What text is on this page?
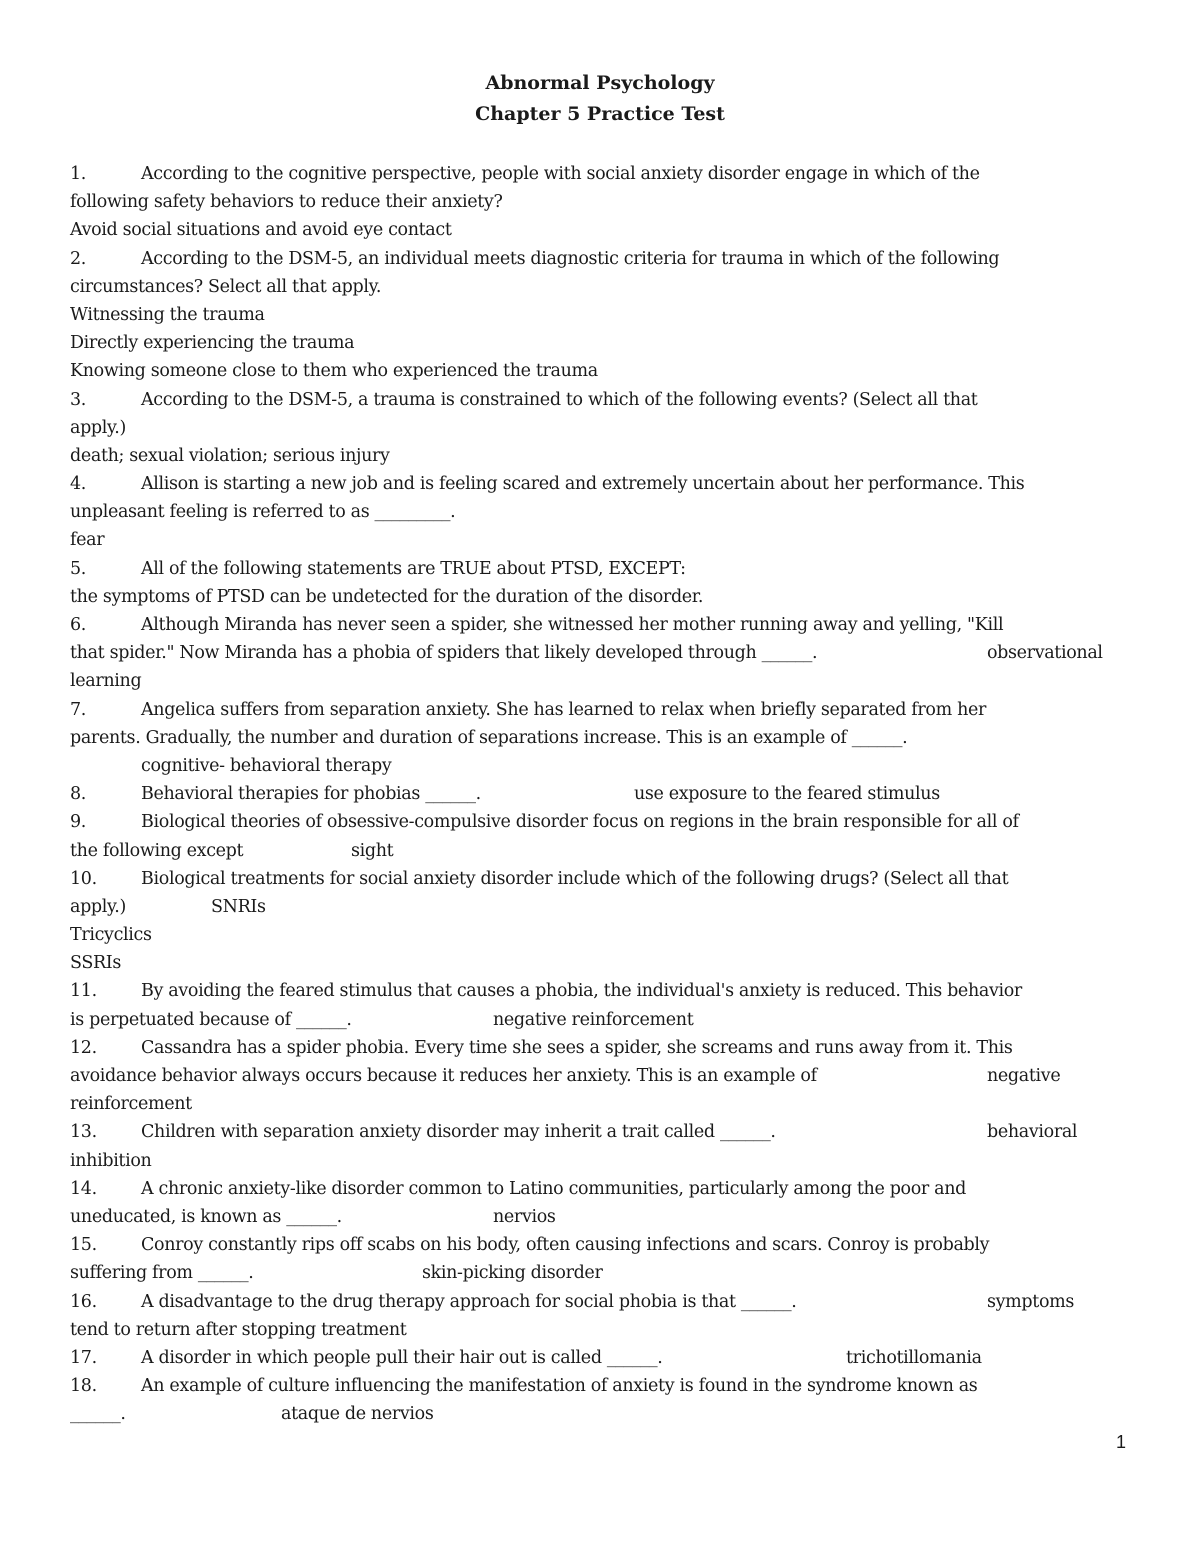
Abnormal Psychology
Chapter 5 Practice Test
1.	According to the cognitive perspective, people with social anxiety disorder engage in which of the
following safety behaviors to reduce their anxiety?
Avoid social situations and avoid eye contact
2.	According to the DSM-5, an individual meets diagnostic criteria for trauma in which of the following
circumstances? Select all that apply.
Witnessing the trauma
Directly experiencing the trauma
Knowing someone close to them who experienced the trauma
3.	According to the DSM-5, a trauma is constrained to which of the following events? (Select all that
apply.)
death; sexual violation; serious injury
4.	Allison is starting a new job and is feeling scared and extremely uncertain about her performance. This
unpleasant feeling is referred to as _________.
fear
5.	All of the following statements are TRUE about PTSD, EXCEPT:
the symptoms of PTSD can be undetected for the duration of the disorder.
6.	Although Miranda has never seen a spider, she witnessed her mother running away and yelling, "Kill
that spider." Now Miranda has a phobia of spiders that likely developed through ______.	observational
learning
7.	Angelica suffers from separation anxiety. She has learned to relax when briefly separated from her
parents. Gradually, the number and duration of separations increase. This is an example of ______.
cognitive- behavioral therapy
8.	Behavioral therapies for phobias ______.	use exposure to the feared stimulus
9.	Biological theories of obsessive-compulsive disorder focus on regions in the brain responsible for all of
the following except	sight
10.	Biological treatments for social anxiety disorder include which of the following drugs? (Select all that
apply.)	SNRIs
Tricyclics
SSRIs
11.	By avoiding the feared stimulus that causes a phobia, the individual's anxiety is reduced. This behavior
is perpetuated because of ______.	negative reinforcement
12.	Cassandra has a spider phobia. Every time she sees a spider, she screams and runs away from it. This
avoidance behavior always occurs because it reduces her anxiety. This is an example of	negative
reinforcement
13.	Children with separation anxiety disorder may inherit a trait called ______.	behavioral
inhibition
14.	A chronic anxiety-like disorder common to Latino communities, particularly among the poor and
uneducated, is known as ______.	nervios
15.	Conroy constantly rips off scabs on his body, often causing infections and scars. Conroy is probably
suffering from ______.	skin-picking disorder
16.	A disadvantage to the drug therapy approach for social phobia is that ______.	symptoms
tend to return after stopping treatment
17.	A disorder in which people pull their hair out is called ______.	trichotillomania
18.	An example of culture influencing the manifestation of anxiety is found in the syndrome known as
______.	ataque de nervios
1
